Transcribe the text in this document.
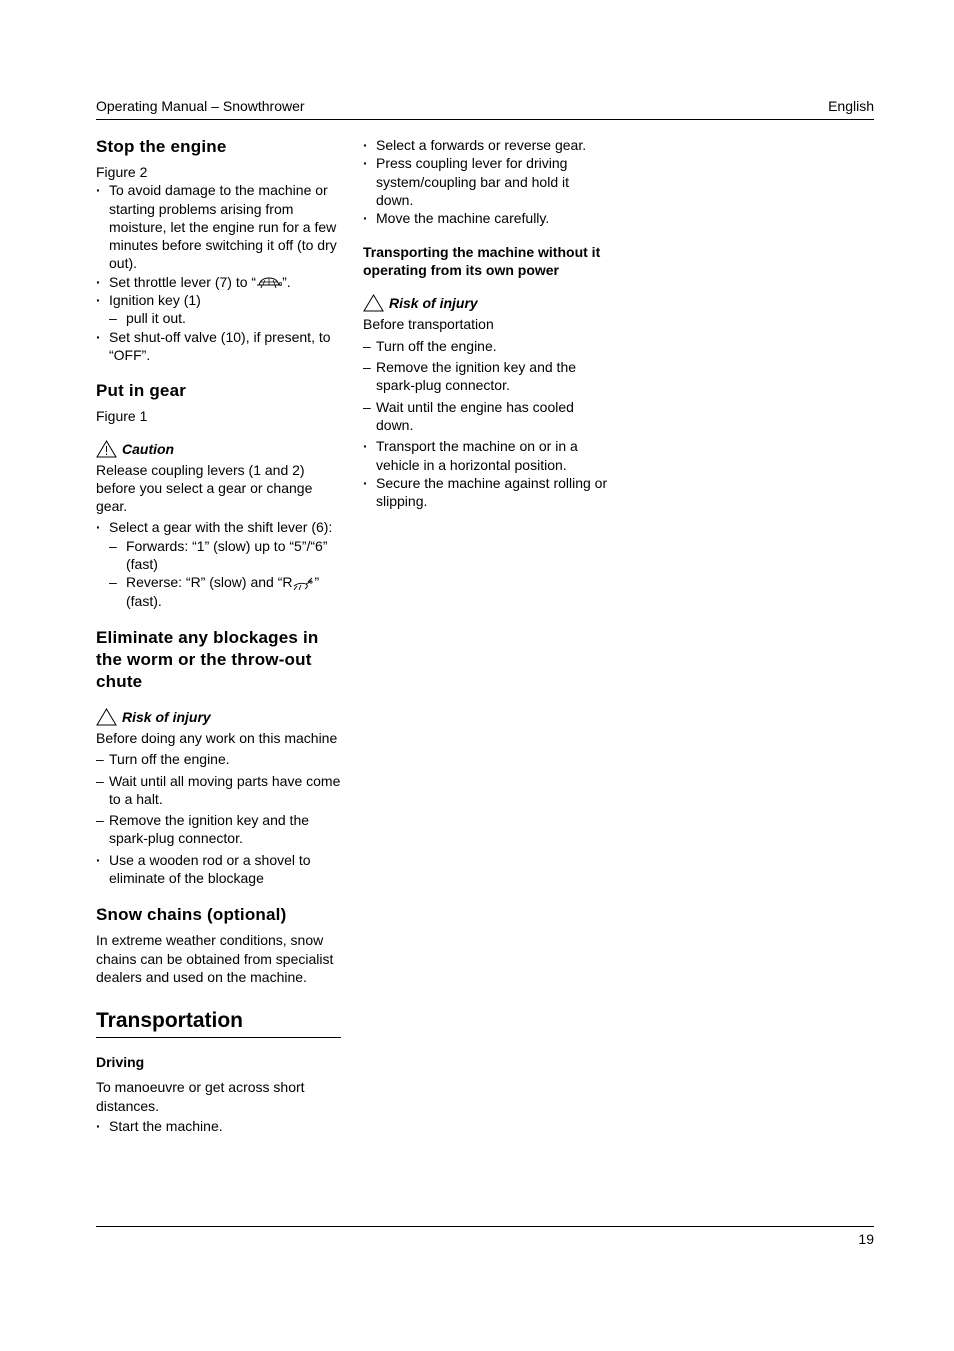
Operating Manual – Snowthrower	English
Stop the engine

Figure 2

· To avoid damage to the machine or starting problems arising from moisture, let the engine run for a few minutes before switching it off (to dry out).
· Set throttle lever (7) to “ ”.
· Ignition key (1)
– pull it out.
· Set shut-off valve (10), if present, to “OFF”.
Put in gear

Figure 1

Caution

Release coupling levers (1 and 2) before you select a gear or change gear.

· Select a gear with the shift lever (6):
– Forwards: “1” (slow) up to “5”/“6” (fast)
– Reverse: “R” (slow) and “R ” (fast).
Eliminate any blockages in the worm or the throw-out chute
Risk of injury

Before doing any work on this machine

– Turn off the engine.
– Wait until all moving parts have come to a halt.
– Remove the ignition key and the spark-plug connector.
· Use a wooden rod or a shovel to eliminate of the blockage
Snow chains (optional)

In extreme weather conditions, snow chains can be obtained from specialist dealers and used on the machine.

Transportation
Driving

To manoeuvre or get across short distances.

· Start the machine.
· Select a forwards or reverse gear.
· Press coupling lever for driving system/coupling bar and hold it down.
· Move the machine carefully.
Transporting the machine without it operating from its own power
Risk of injury

Before transportation

– Turn off the engine.
– Remove the ignition key and the spark-plug connector.
– Wait until the engine has cooled down.
· Transport the machine on or in a vehicle in a horizontal position.
· Secure the machine against rolling or slipping.
19
